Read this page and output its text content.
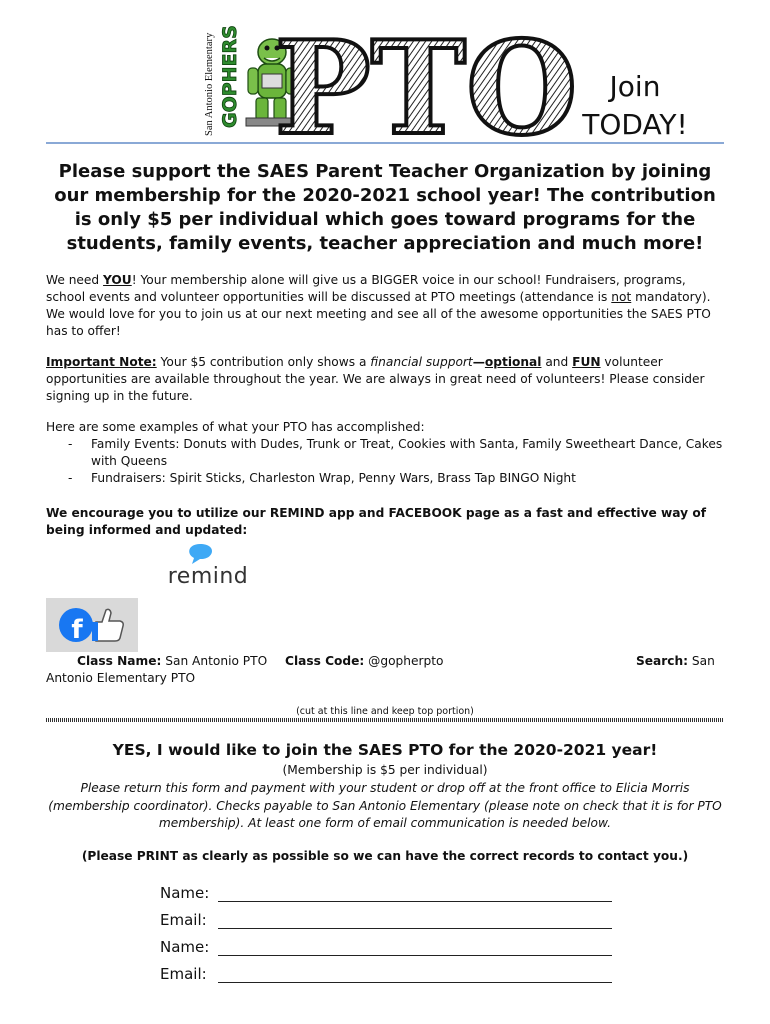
San Antonio Elementary GOPHERS PTO	Join
TODAY!
Please support the SAES Parent Teacher Organization by joining our membership for the 2020-2021 school year! The contribution is only $5 per individual which goes toward programs for the students, family events, teacher appreciation and much more!
We need YOU! Your membership alone will give us a BIGGER voice in our school! Fundraisers, programs, school events and volunteer opportunities will be discussed at PTO meetings (attendance is not mandatory). We would love for you to join us at our next meeting and see all of the awesome opportunities the SAES PTO has to offer!
Important Note: Your $5 contribution only shows a financial support—optional and FUN volunteer opportunities are available throughout the year. We are always in great need of volunteers! Please consider signing up in the future.
Here are some examples of what your PTO has accomplished:
- Family Events: Donuts with Dudes, Trunk or Treat, Cookies with Santa, Family Sweetheart Dance, Cakes with Queens
- Fundraisers: Spirit Sticks, Charleston Wrap, Penny Wars, Brass Tap BINGO Night
We encourage you to utilize our REMIND app and FACEBOOK page as a fast and effective way of being informed and updated:
remind
f
Class Name: San Antonio PTO Class Code: @gopherpto	Search: San
Antonio Elementary PTO
(cut at this line and keep top portion)
YES, I would like to join the SAES PTO for the 2020-2021 year!
(Membership is $5 per individual)
Please return this form and payment with your student or drop off at the front office to Elicia Morris (membership coordinator). Checks payable to San Antonio Elementary (please note on check that it is for PTO membership). At least one form of email communication is needed below.
(Please PRINT as clearly as possible so we can have the correct records to contact you.)
Name:
Email:
Name:
Email:
